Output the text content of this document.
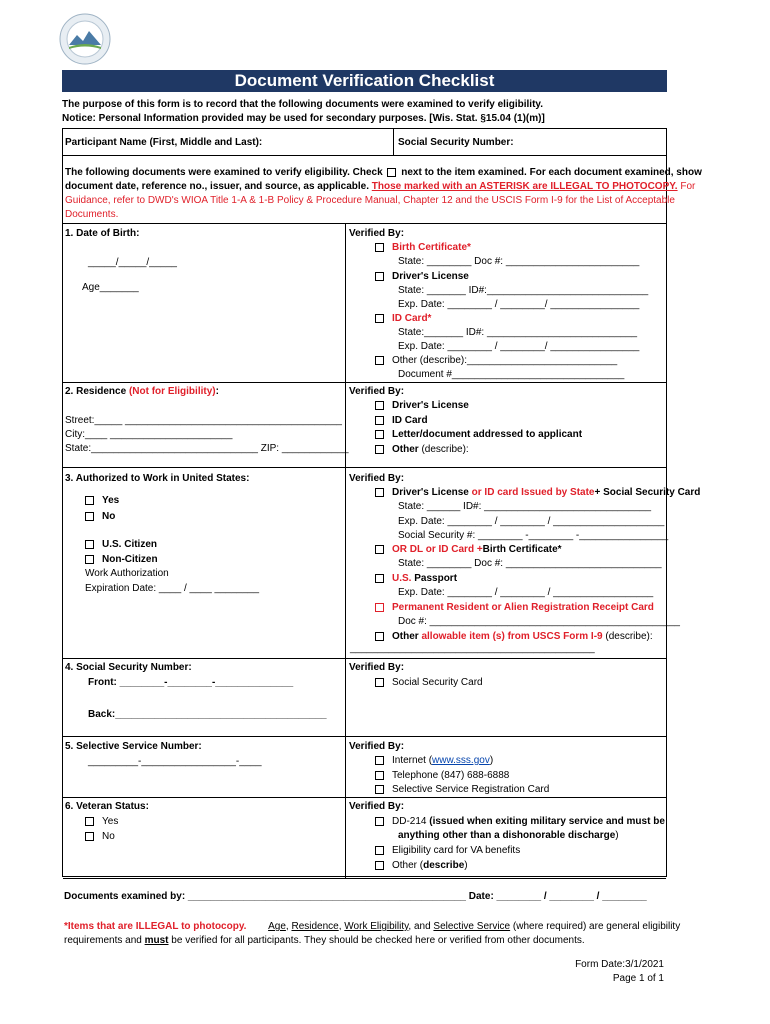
Document Verification Checklist
The purpose of this form is to record that the following documents were examined to verify eligibility.
Notice: Personal Information provided may be used for secondary purposes. [Wis. Stat. §15.04 (1)(m)]
Participant Name (First, Middle and Last):	Social Security Number:
The following documents were examined to verify eligibility. Check next to the item examined. For each document examined, show
document date, reference no., issuer, and source, as applicable. Those marked with an ASTERISK are ILLEGAL TO PHOTOCOPY. For
Guidance, refer to DWD's WIOA Title 1-A & 1-B Policy & Procedure Manual, Chapter 12 and the USCIS Form I-9 for the List of Acceptable
Documents.
1. Date of Birth:
_____/_____/_____
Age_______
Verified By:
Birth Certificate*
State: ________ Doc #: ________________________
Driver's License
State: _______ ID#:_____________________________
Exp. Date: ________ / ________/ ________________
ID Card*
State:_______ ID#: ___________________________
Exp. Date: ________ / ________/ ________________
Other (describe):___________________________
Document #_______________________________
2. Residence (Not for Eligibility):
Street:_____ _______________________________________
City:____ ______________________
State:______________________________ ZIP: ____________
Verified By:
Driver's License
ID Card
Letter/document addressed to applicant
Other (describe):
3. Authorized to Work in United States:
Yes
No
U.S. Citizen
Non-Citizen
Work Authorization
Expiration Date: ____ / ____ ________
Verified By:
Driver's License or ID card Issued by State+ Social Security Card
State: ______ ID#: ______________________________
Exp. Date: ________ / ________ / ____________________
Social Security #: ________ -________ -________________
OR DL or ID Card +Birth Certificate*
State: ________ Doc #: ____________________________
U.S. Passport
Exp. Date: ________ / ________ / __________________
Permanent Resident or Alien Registration Receipt Card
Doc #: _____________________________________________
Other allowable item (s) from USCS Form I-9 (describe):
____________________________________________
4. Social Security Number:
Front: ________-________-______________
Back:______________________________________
Verified By:
Social Security Card
5. Selective Service Number:
_________-_________________-____
Verified By:
Internet (www.sss.gov)
Telephone (847) 688-6888
Selective Service Registration Card
6. Veteran Status:
Yes
No
Verified By:
DD-214 (issued when exiting military service and must be
anything other than a dishonorable discharge)
Eligibility card for VA benefits
Other (describe)
Documents examined by: __________________________________________________ Date: ________ / ________ / ________
*Items that are ILLEGAL to photocopy. Age, Residence, Work Eligibility, and Selective Service (where required) are general eligibility
requirements and must be verified for all participants. They should be checked here or verified from other documents.
Form Date:3/1/2021
Page 1 of 1
